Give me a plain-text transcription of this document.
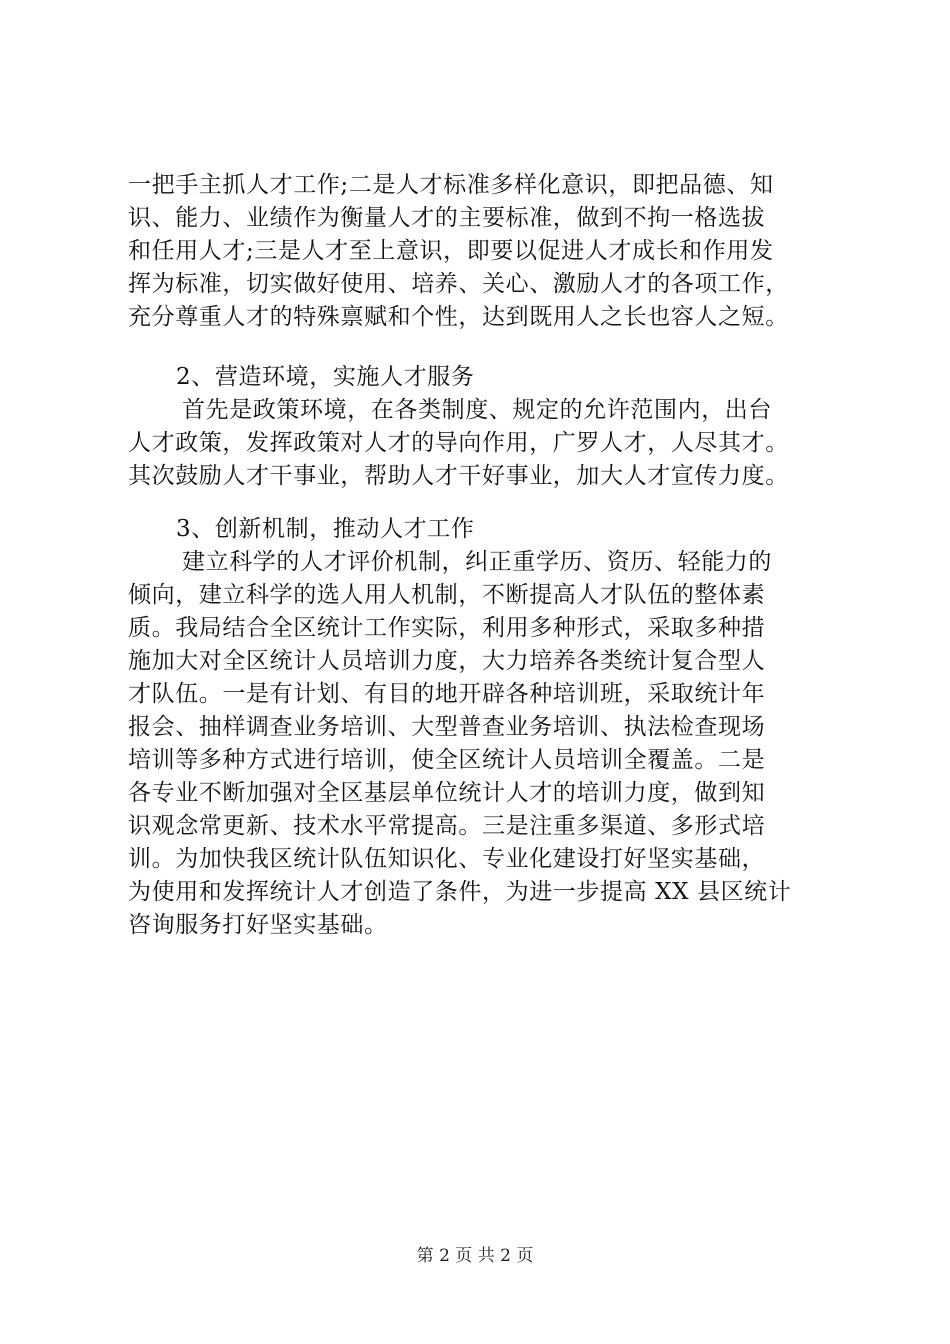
一把手主抓人才工作;二是人才标准多样化意识，即把品德、知
识、能力、业绩作为衡量人才的主要标准，做到不拘一格选拔
和任用人才;三是人才至上意识，即要以促进人才成长和作用发
挥为标准，切实做好使用、培养、关心、激励人才的各项工作，
充分尊重人才的特殊禀赋和个性，达到既用人之长也容人之短。
2、营造环境，实施人才服务
首先是政策环境，在各类制度、规定的允许范围内，出台
人才政策，发挥政策对人才的导向作用，广罗人才，人尽其才。
其次鼓励人才干事业，帮助人才干好事业，加大人才宣传力度。
3、创新机制，推动人才工作
建立科学的人才评价机制，纠正重学历、资历、轻能力的
倾向，建立科学的选人用人机制，不断提高人才队伍的整体素
质。我局结合全区统计工作实际，利用多种形式，采取多种措
施加大对全区统计人员培训力度，大力培养各类统计复合型人
才队伍。一是有计划、有目的地开辟各种培训班，采取统计年
报会、抽样调查业务培训、大型普查业务培训、执法检查现场
培训等多种方式进行培训，使全区统计人员培训全覆盖。二是
各专业不断加强对全区基层单位统计人才的培训力度，做到知
识观念常更新、技术水平常提高。三是注重多渠道、多形式培
训。为加快我区统计队伍知识化、专业化建设打好坚实基础，
为使用和发挥统计人才创造了条件，为进一步提高 XX 县区统计
咨询服务打好坚实基础。
第 2 页 共 2 页
